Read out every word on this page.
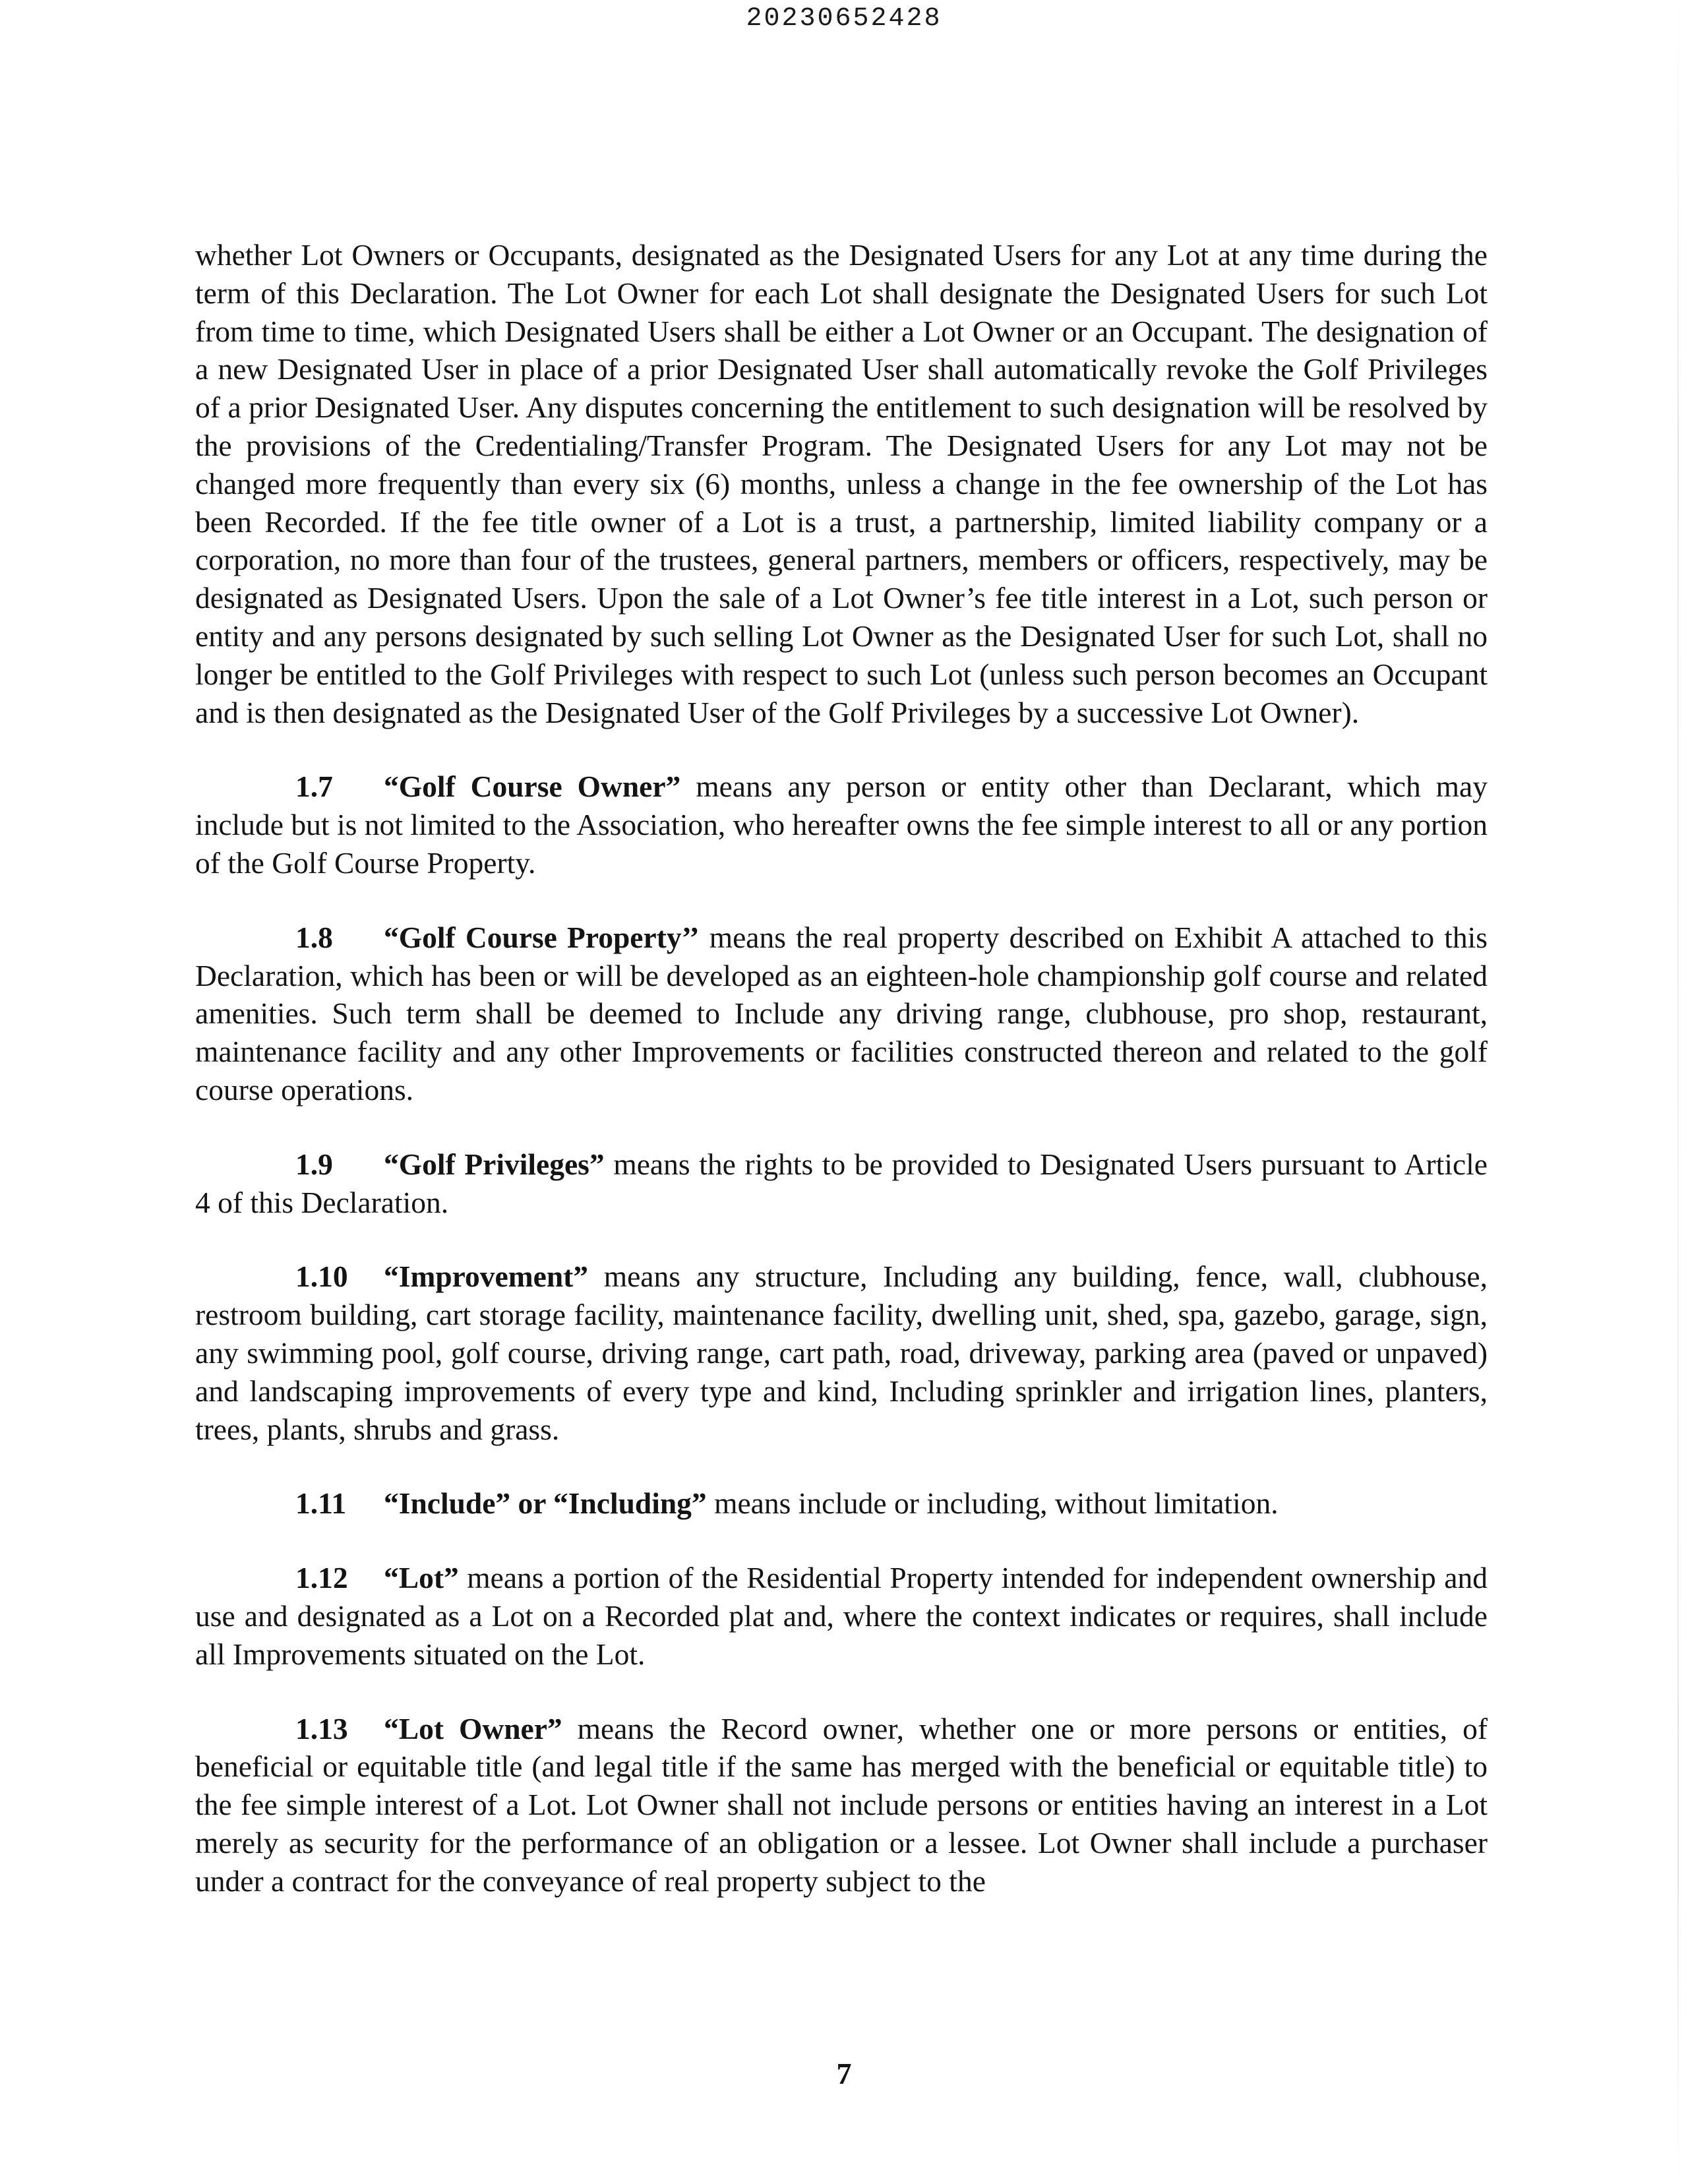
20230652428

whether Lot Owners or Occupants, designated as the Designated Users for any Lot at any time during the term of this Declaration. The Lot Owner for each Lot shall designate the Designated Users for such Lot from time to time, which Designated Users shall be either a Lot Owner or an Occupant. The designation of a new Designated User in place of a prior Designated User shall automatically revoke the Golf Privileges of a prior Designated User. Any disputes concerning the entitlement to such designation will be resolved by the provisions of the Credentialing/Transfer Program. The Designated Users for any Lot may not be changed more frequently than every six (6) months, unless a change in the fee ownership of the Lot has been Recorded. If the fee title owner of a Lot is a trust, a partnership, limited liability company or a corporation, no more than four of the trustees, general partners, members or officers, respectively, may be designated as Designated Users. Upon the sale of a Lot Owner’s fee title interest in a Lot, such person or entity and any persons designated by such selling Lot Owner as the Designated User for such Lot, shall no longer be entitled to the Golf Privileges with respect to such Lot (unless such person becomes an Occupant and is then designated as the Designated User of the Golf Privileges by a successive Lot Owner).

1.7 “Golf Course Owner” means any person or entity other than Declarant, which may include but is not limited to the Association, who hereafter owns the fee simple interest to all or any portion of the Golf Course Property.

1.8 “Golf Course Property’’ means the real property described on Exhibit A attached to this Declaration, which has been or will be developed as an eighteen-hole championship golf course and related amenities. Such term shall be deemed to Include any driving range, clubhouse, pro shop, restaurant, maintenance facility and any other Improvements or facilities constructed thereon and related to the golf course operations.

1.9 “Golf Privileges” means the rights to be provided to Designated Users pursuant to Article 4 of this Declaration.

1.10 “Improvement” means any structure, Including any building, fence, wall, clubhouse, restroom building, cart storage facility, maintenance facility, dwelling unit, shed, spa, gazebo, garage, sign, any swimming pool, golf course, driving range, cart path, road, driveway, parking area (paved or unpaved) and landscaping improvements of every type and kind, Including sprinkler and irrigation lines, planters, trees, plants, shrubs and grass.

1.11 “Include” or “Including” means include or including, without limitation.

1.12 “Lot” means a portion of the Residential Property intended for independent ownership and use and designated as a Lot on a Recorded plat and, where the context indicates or requires, shall include all Improvements situated on the Lot.

1.13 “Lot Owner” means the Record owner, whether one or more persons or entities, of beneficial or equitable title (and legal title if the same has merged with the beneficial or equitable title) to the fee simple interest of a Lot. Lot Owner shall not include persons or entities having an interest in a Lot merely as security for the performance of an obligation or a lessee. Lot Owner shall include a purchaser under a contract for the conveyance of real property subject to the

7
